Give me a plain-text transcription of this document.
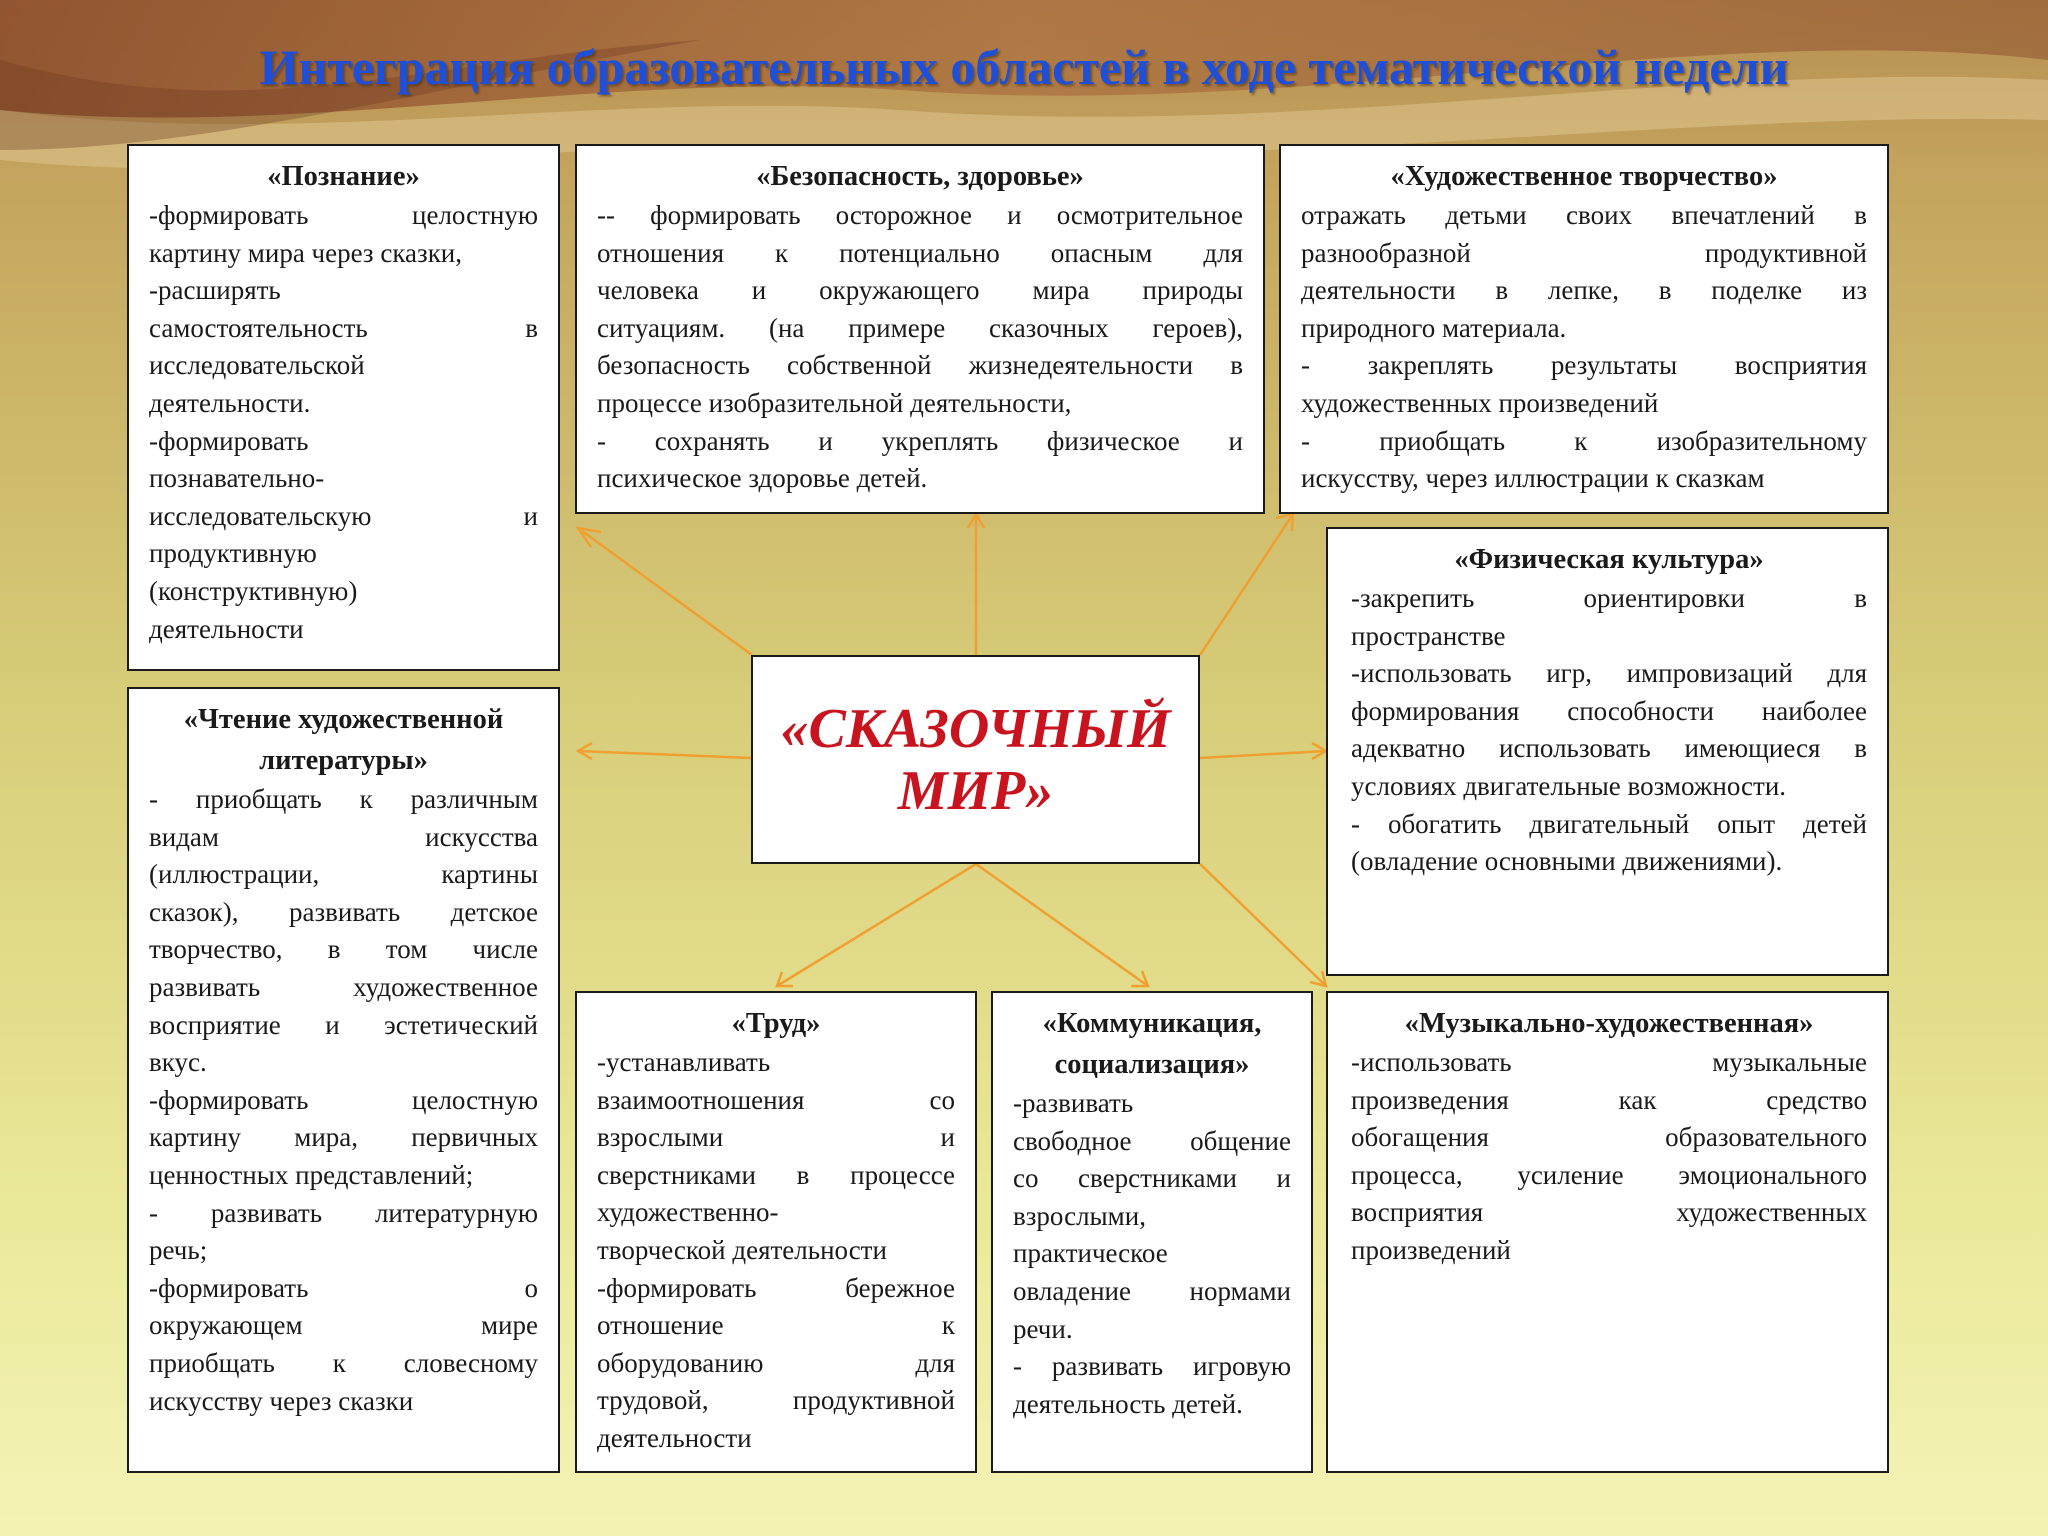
Интеграция образовательных областей в ходе тематической недели
«Познание»
-формировать целостную
картину мира через сказки,
-расширять
самостоятельность в
исследовательской
деятельности.
-формировать
познавательно-
исследовательскую и
продуктивную
(конструктивную)
деятельности
«Безопасность, здоровье»
-- формировать осторожное и осмотрительное
отношения к потенциально опасным для
человека и окружающего мира природы
ситуациям. (на примере сказочных героев),
безопасность собственной жизнедеятельности в
процессе изобразительной деятельности,
- сохранять и укреплять физическое и
психическое здоровье детей.
«Художественное творчество»
отражать детьми своих впечатлений в
разнообразной продуктивной
деятельности в лепке, в поделке из
природного материала.
- закреплять результаты восприятия
художественных произведений
- приобщать к изобразительному
искусству, через иллюстрации к сказкам
«Физическая культура»
-закрепить ориентировки в
пространстве
-использовать игр, импровизаций для
формирования способности наиболее
адекватно использовать имеющиеся в
условиях двигательные возможности.
- обогатить двигательный опыт детей
(овладение основными движениями).
«Чтение художественной литературы»
- приобщать к различным
видам искусства
(иллюстрации, картины
сказок), развивать детское
творчество, в том числе
развивать художественное
восприятие и эстетический
вкус.
-формировать целостную
картину мира, первичных
ценностных представлений;
- развивать литературную
речь;
-формировать о
окружающем мире
приобщать к словесному
искусству через сказки
«Труд»
-устанавливать
взаимоотношения со
взрослыми и
сверстниками в процессе
художественно-
творческой деятельности
-формировать бережное
отношение к
оборудованию для
трудовой, продуктивной
деятельности
«Коммуникация, социализация»
-развивать
свободное общение
со сверстниками и
взрослыми,
практическое
овладение нормами
речи.
- развивать игровую
деятельность детей.
«Музыкально-художественная»
-использовать музыкальные
произведения как средство
обогащения образовательного
процесса, усиление эмоционального
восприятия художественных
произведений
«СКАЗОЧНЫЙ МИР»
